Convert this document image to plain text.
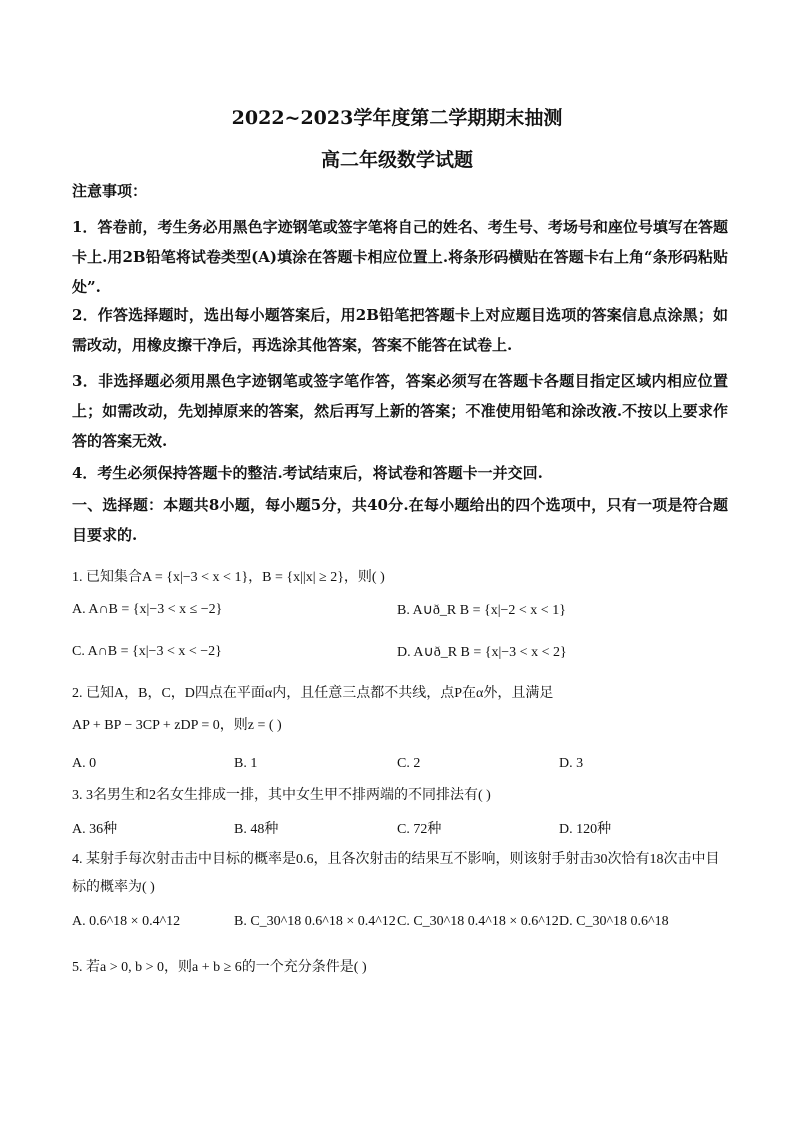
2022~2023学年度第二学期期末抽测
高二年级数学试题
注意事项：
1．答卷前，考生务必用黑色字迹钢笔或签字笔将自己的姓名、考生号、考场号和座位号填写在答题卡上.用2B铅笔将试卷类型(A)填涂在答题卡相应位置上.将条形码横贴在答题卡右上角“条形码粘贴处”.
2．作答选择题时，选出每小题答案后，用2B铅笔把答题卡上对应题目选项的答案信息点涂黑；如需改动，用橡皮擦干净后，再选涂其他答案，答案不能答在试卷上.
3．非选择题必须用黑色字迹钢笔或签字笔作答，答案必须写在答题卡各题目指定区域内相应位置上；如需改动，先划掉原来的答案，然后再写上新的答案；不准使用铅笔和涂改液.不按以上要求作答的答案无效.
4．考生必须保持答题卡的整洁.考试结束后，将试卷和答题卡一并交回.
一、选择题：本题共8小题，每小题5分，共40分.在每小题给出的四个选项中，只有一项是符合题目要求的.
1. 已知集合A = {x|−3 < x < 1}，B = {x||x| ≥ 2}，则( )
A. A∩B = {x|−3 < x ≤ −2}	B. A∪ð_R B = {x|−2 < x < 1}
C. A∩B = {x|−3 < x < −2}	D. A∪ð_R B = {x|−3 < x < 2}
2. 已知A，B，C，D四点在平面α内，且任意三点都不共线，点P在α外，且满足
AP + BP − 3CP + zDP = 0，则z = ( )
A. 0	B. 1	C. 2	D. 3
3. 3名男生和2名女生排成一排，其中女生甲不排两端的不同排法有( )
A. 36种	B. 48种	C. 72种	D. 120种
4. 某射手每次射击击中目标的概率是0.6，且各次射击的结果互不影响，则该射手射击30次恰有18次击中目标的概率为( )
A. 0.6^18 × 0.4^12	B. C_30^18 0.6^18 × 0.4^12 C. C_30^18 0.4^18 × 0.6^12 D. C_30^18 0.6^18
5. 若a > 0, b > 0，则a + b ≥ 6的一个充分条件是( )
